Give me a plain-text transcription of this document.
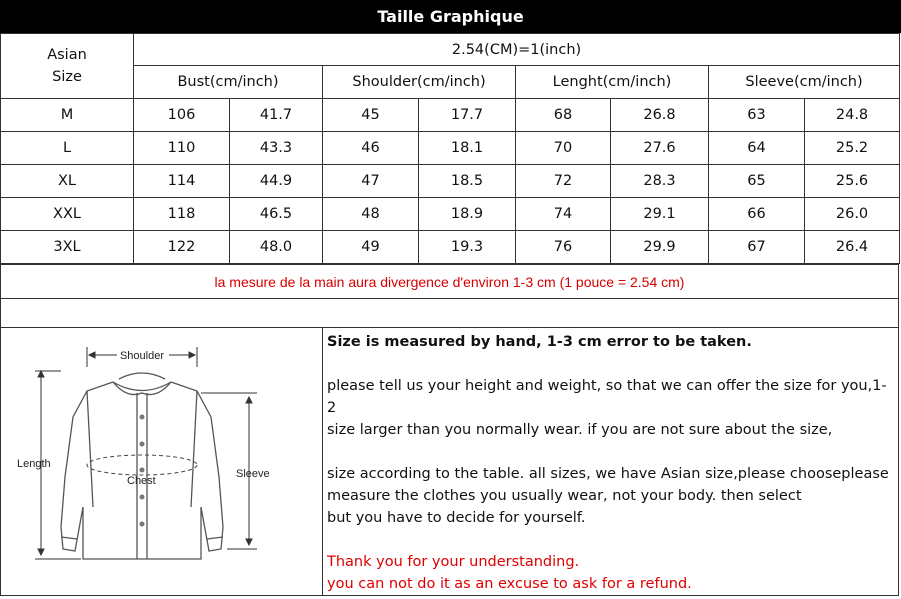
Taille Graphique
Asian
Size	2.54(CM)=1(inch)							
	Bust(cm/inch)		Shoulder(cm/inch)		Lenght(cm/inch)		Sleeve(cm/inch)	
M	106	41.7	45	17.7	68	26.8	63	24.8
L	110	43.3	46	18.1	70	27.6	64	25.2
XL	114	44.9	47	18.5	72	28.3	65	25.6
XXL	118	46.5	48	18.9	74	29.1	66	26.0
3XL	122	48.0	49	19.3	76	29.9	67	26.4
la mesure de la main aura divergence d'environ 1-3 cm (1 pouce = 2.54 cm)
Shoulder
Length
Chest
Sleeve

Size is measured by hand, 1-3 cm error to be taken.

please tell us your height and weight, so that we can offer the size for you,1-2

size larger than you normally wear. if you are not sure about the size,

size according to the table. all sizes, we have Asian size,please chooseplease

measure the clothes you usually wear, not your body. then select

but you have to decide for yourself.

Thank you for your understanding.

you can not do it as an excuse to ask for a refund.
